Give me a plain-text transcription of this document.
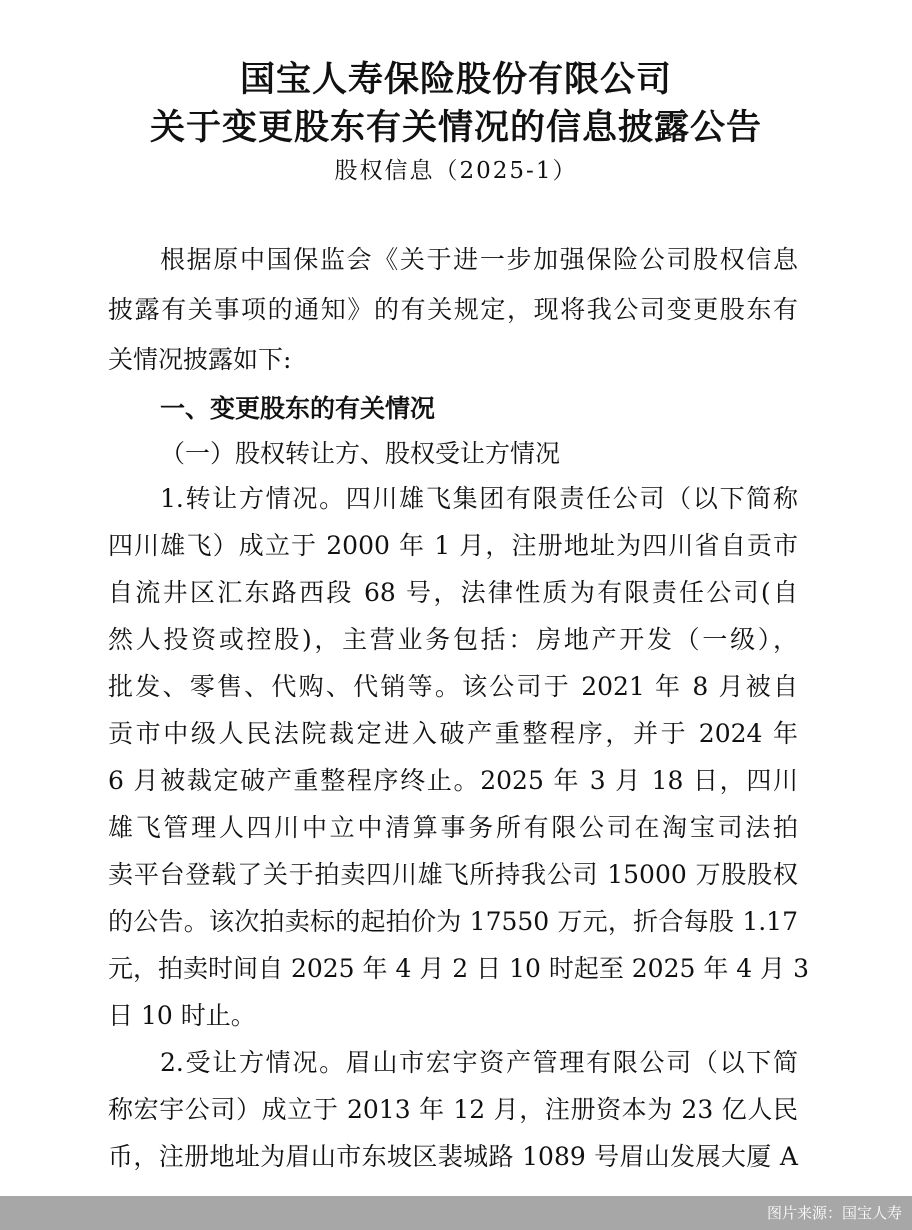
国宝人寿保险股份有限公司
关于变更股东有关情况的信息披露公告
股权信息（2025-1）
根据原中国保监会《关于进一步加强保险公司股权信息
披露有关事项的通知》的有关规定，现将我公司变更股东有
关情况披露如下:
一、变更股东的有关情况
（一）股权转让方、股权受让方情况
1.转让方情况。四川雄飞集团有限责任公司（以下简称
四川雄飞）成立于 2000 年 1 月，注册地址为四川省自贡市
自流井区汇东路西段 68 号，法律性质为有限责任公司(自
然人投资或控股)，主营业务包括：房地产开发（一级），
批发、零售、代购、代销等。该公司于 2021 年 8 月被自
贡市中级人民法院裁定进入破产重整程序，并于 2024 年
6 月被裁定破产重整程序终止。2025 年 3 月 18 日，四川
雄飞管理人四川中立中清算事务所有限公司在淘宝司法拍
卖平台登载了关于拍卖四川雄飞所持我公司 15000 万股股权
的公告。该次拍卖标的起拍价为 17550 万元，折合每股 1.17
元，拍卖时间自 2025 年 4 月 2 日 10 时起至 2025 年 4 月 3
日 10 时止。
2.受让方情况。眉山市宏宇资产管理有限公司（以下简
称宏宇公司）成立于 2013 年 12 月，注册资本为 23 亿人民
币，注册地址为眉山市东坡区裴城路 1089 号眉山发展大厦 A
图片来源：国宝人寿
